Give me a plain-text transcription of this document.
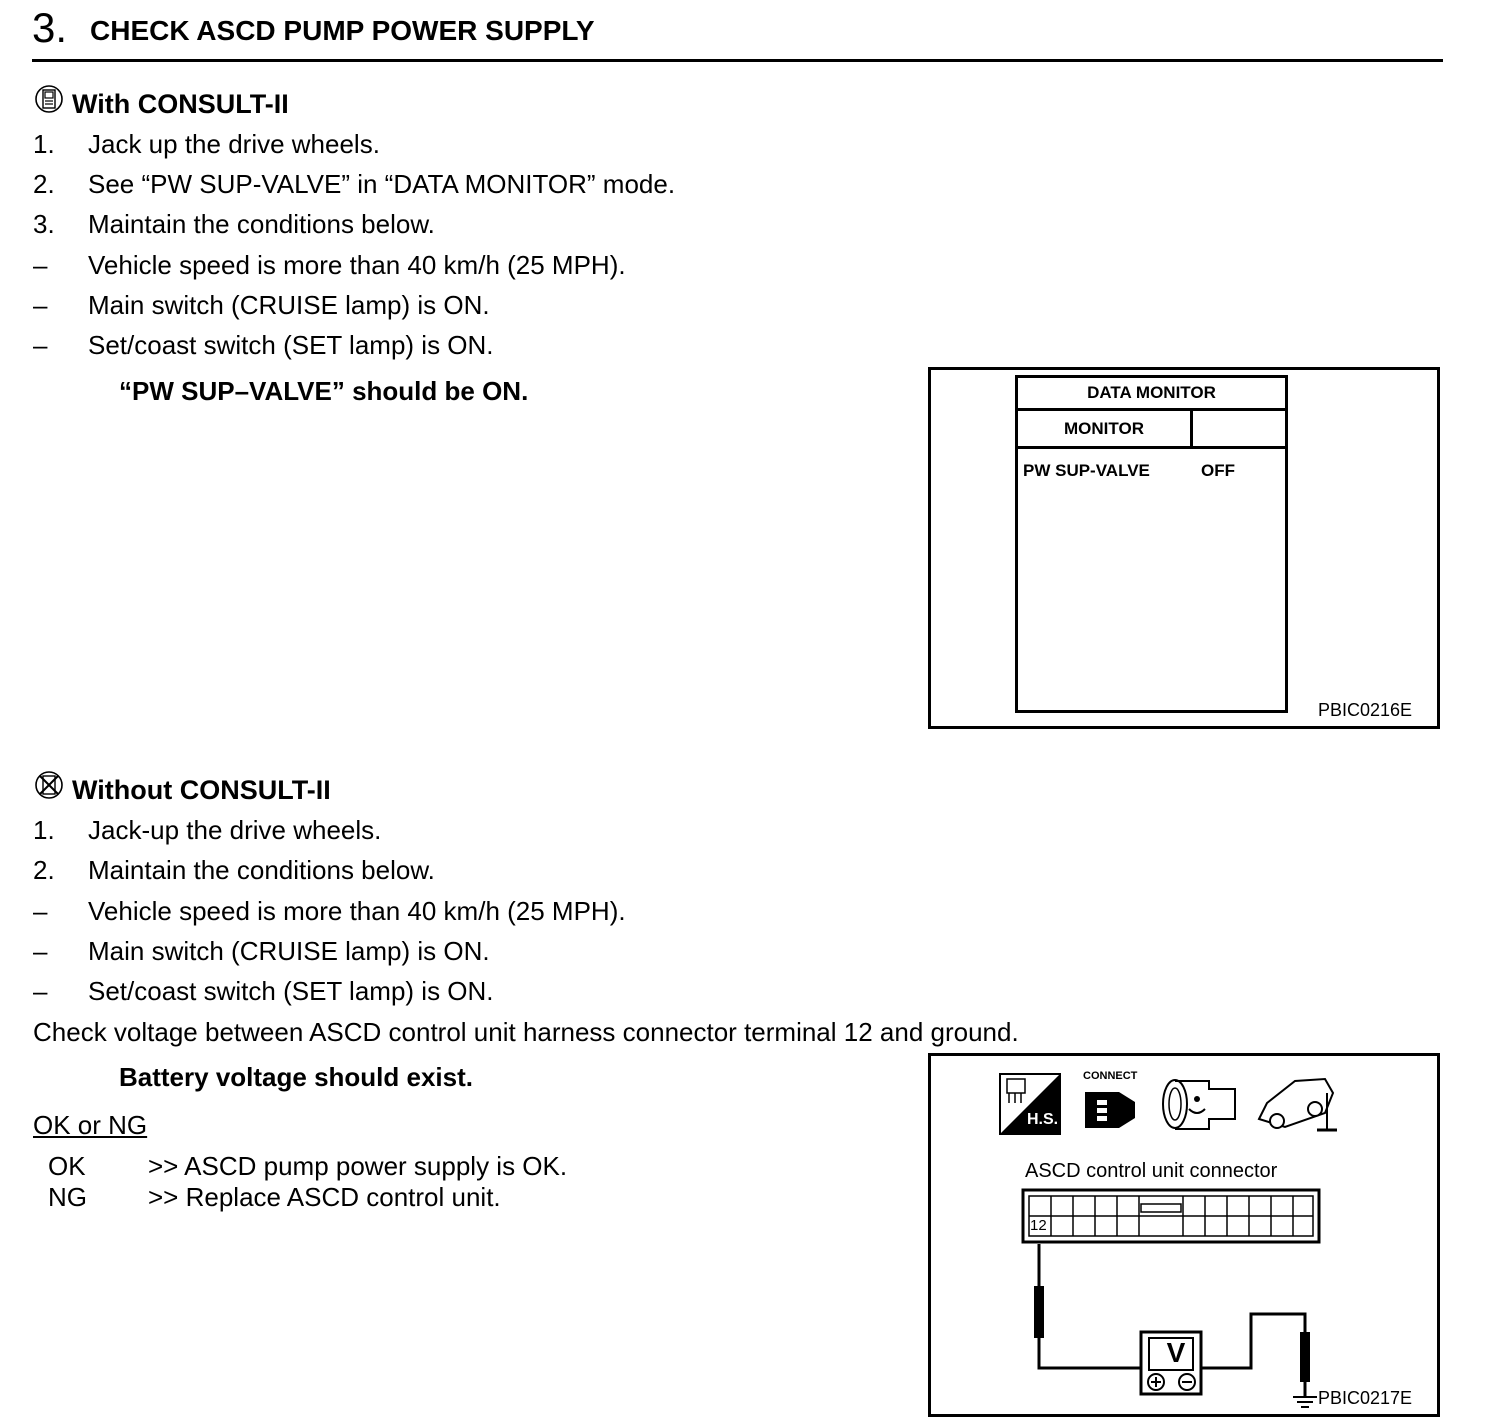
3. CHECK ASCD PUMP POWER SUPPLY
With CONSULT-II
1. Jack up the drive wheels.
2. See “PW SUP-VALVE” in “DATA MONITOR” mode.
3. Maintain the conditions below.
– Vehicle speed is more than 40 km/h (25 MPH).
– Main switch (CRUISE lamp) is ON.
– Set/coast switch (SET lamp) is ON.
“PW SUP–VALVE” should be ON.	DATA MONITOR
MONITOR
PW SUP-VALVE	OFF
PBIC0216E
Without CONSULT-II
1. Jack-up the drive wheels.
2. Maintain the conditions below.
– Vehicle speed is more than 40 km/h (25 MPH).
– Main switch (CRUISE lamp) is ON.
– Set/coast switch (SET lamp) is ON.
Check voltage between ASCD control unit harness connector terminal 12 and ground.
Battery voltage should exist.
OK or NG
OK >> ASCD pump power supply is OK.
NG >> Replace ASCD control unit.
H.S.
CONNECT
ASCD control unit connector
12
V
PBIC0217E
